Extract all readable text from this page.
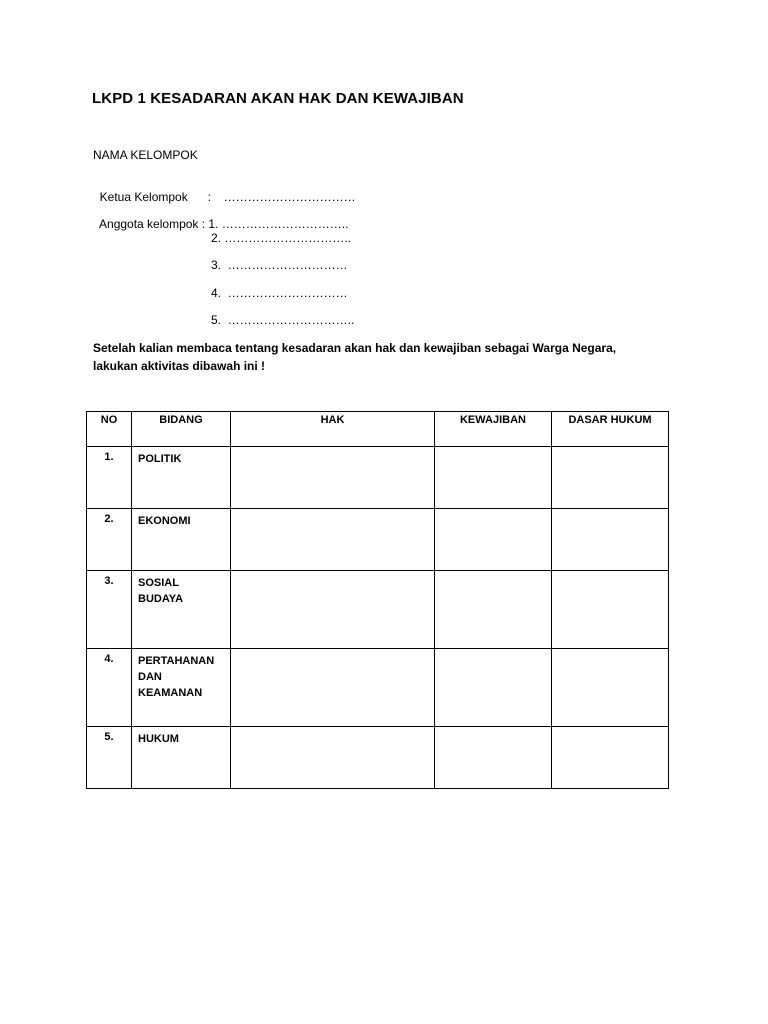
LKPD 1 KESADARAN AKAN HAK DAN KEWAJIBAN
NAMA KELOMPOK

Ketua Kelompok : ……………………………

Anggota kelompok : 1. …………………………..

2. …………………………..
3.  …………………………
4.  …………………………
5.  …………………………..
Setelah kalian membaca tentang kesadaran akan hak dan kewajiban sebagai Warga Negara, lakukan aktivitas dibawah ini !
NO	BIDANG	HAK	KEWAJIBAN	DASAR HUKUM
1.	POLITIK			

2.	EKONOMI			

3.	SOSIAL
BUDAYA			

4.	PERTAHANAN
DAN
KEAMANAN			

5.	HUKUM			
